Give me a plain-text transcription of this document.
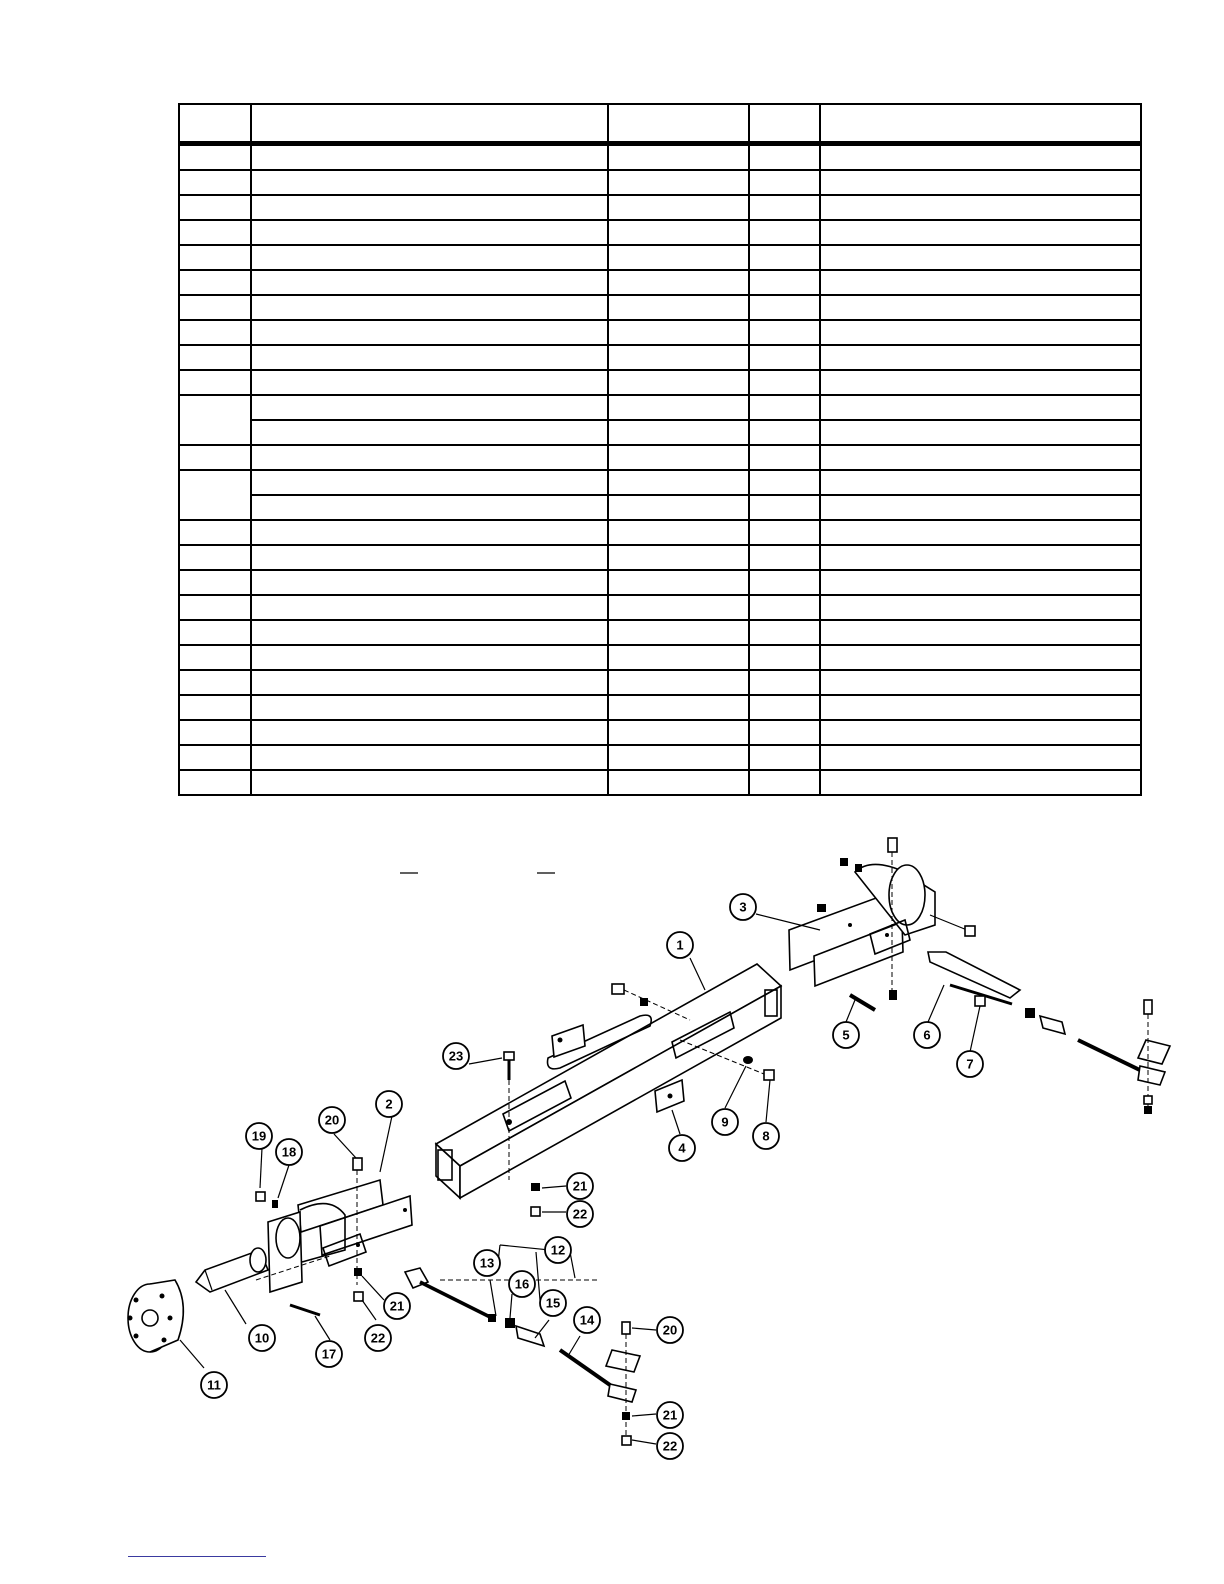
1
2
3
4
5	6
7
8
9
10
11
12
13
14
15
16
17
18
19
20
20
21
21
21
22
22
22
23
